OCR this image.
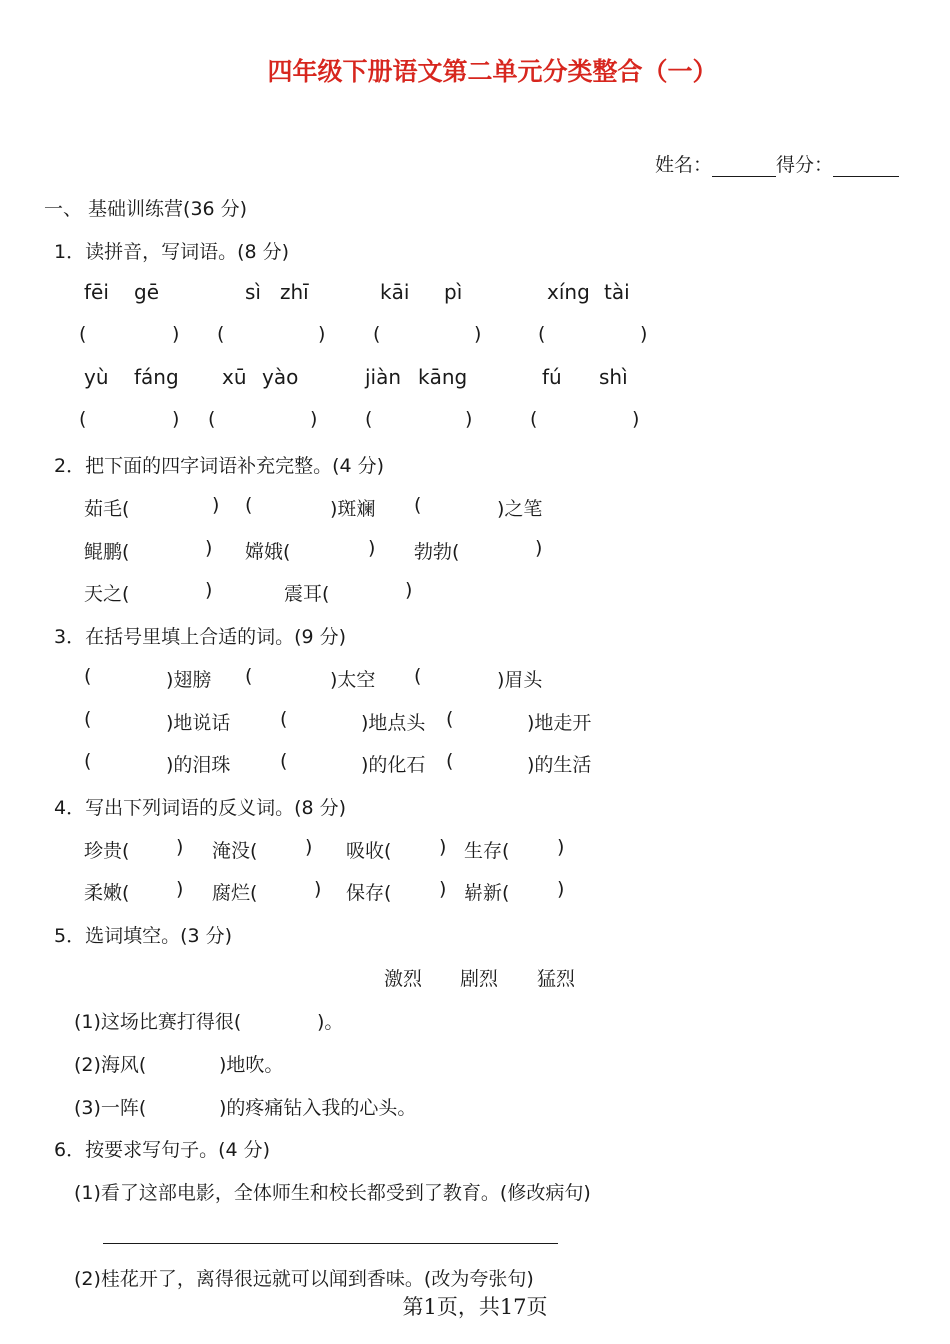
四年级下册语文第二单元分类整合（一）
姓名：	得分：
一、 基础训练营(36 分)
1．读拼音，写词语。(8 分)
fēi gē	sì zhī	kāi pì	xíng tài
(	) (	)	(	)	(	)
yù fáng xū yào	jiàn kāng	fú shì
(	) (	)	(	)	(	)
2．把下面的四字词语补充完整。(4 分)
茹毛(	) (	)斑斓 (	)之笔
鲲鹏(	) 嫦娥(	) 勃勃(	)
天之(	)	震耳(	)
3．在括号里填上合适的词。(9 分)
(	)翅膀 (	)太空 (	)眉头
(	)地说话	(	)地点头 (	)地走开
(	)的泪珠	(	)的化石 (	)的生活
4．写出下列词语的反义词。(8 分)
珍贵( ) 淹没(	) 吸收(	) 生存(	)
柔嫩( ) 腐烂(	) 保存(	) 崭新(	)
5．选词填空。(3 分)
激烈 剧烈 猛烈
(1)这场比赛打得很(	)。
(2)海风(	)地吹。
(3)一阵(	)的疼痛钻入我的心头。
6．按要求写句子。(4 分)
(1)看了这部电影，全体师生和校长都受到了教育。(修改病句)
(2)桂花开了，离得很远就可以闻到香味。(改为夸张句)
第1页，共17页
